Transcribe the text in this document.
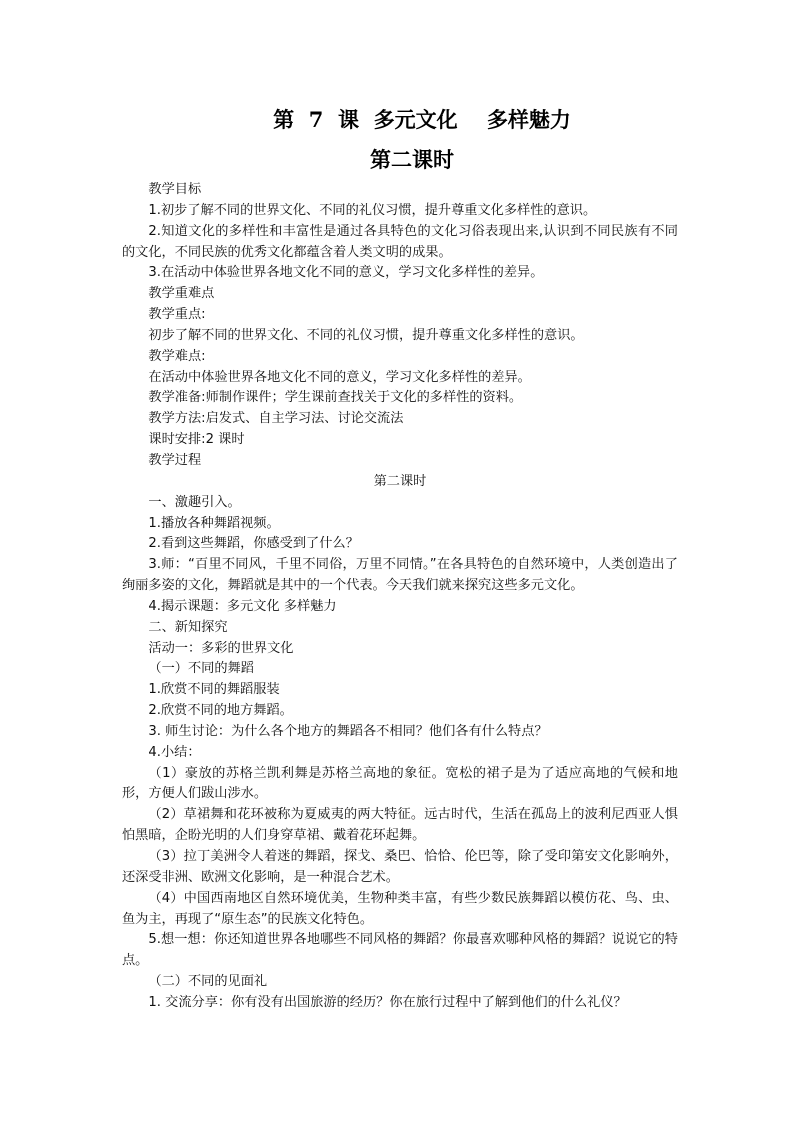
第  7  课  多元文化    多样魅力
第二课时

教学目标

1.初步了解不同的世界文化、不同的礼仪习惯，提升尊重文化多样性的意识。

2.知道文化的多样性和丰富性是通过各具特色的文化习俗表现出来,认识到不同民族有不同的文化，不同民族的优秀文化都蕴含着人类文明的成果。

3.在活动中体验世界各地文化不同的意义，学习文化多样性的差异。

教学重难点

教学重点:

初步了解不同的世界文化、不同的礼仪习惯，提升尊重文化多样性的意识。

教学难点:

在活动中体验世界各地文化不同的意义，学习文化多样性的差异。

教学准备:师制作课件；学生课前查找关于文化的多样性的资料。

教学方法:启发式、自主学习法、讨论交流法

课时安排:2 课时

教学过程

第二课时

一、激趣引入。

1.播放各种舞蹈视频。

2.看到这些舞蹈，你感受到了什么？

3.师：“百里不同风，千里不同俗，万里不同情。”在各具特色的自然环境中，人类创造出了绚丽多姿的文化，舞蹈就是其中的一个代表。今天我们就来探究这些多元文化。

4.揭示课题：多元文化 多样魅力

二、新知探究

活动一：多彩的世界文化

（一）不同的舞蹈

1.欣赏不同的舞蹈服装

2.欣赏不同的地方舞蹈。

3. 师生讨论：为什么各个地方的舞蹈各不相同？他们各有什么特点？

4.小结：

（1）豪放的苏格兰凯利舞是苏格兰高地的象征。宽松的裙子是为了适应高地的气候和地形，方便人们跋山涉水。

（2）草裙舞和花环被称为夏威夷的两大特征。远古时代，生活在孤岛上的波利尼西亚人惧怕黑暗，企盼光明的人们身穿草裙、戴着花环起舞。

（3）拉丁美洲令人着迷的舞蹈，探戈、桑巴、恰恰、伦巴等，除了受印第安文化影响外，还深受非洲、欧洲文化影响，是一种混合艺术。

（4）中国西南地区自然环境优美，生物种类丰富，有些少数民族舞蹈以模仿花、鸟、虫、鱼为主，再现了“原生态”的民族文化特色。

5.想一想：你还知道世界各地哪些不同风格的舞蹈？你最喜欢哪种风格的舞蹈？说说它的特点。

（二）不同的见面礼

1. 交流分享：你有没有出国旅游的经历？你在旅行过程中了解到他们的什么礼仪？
